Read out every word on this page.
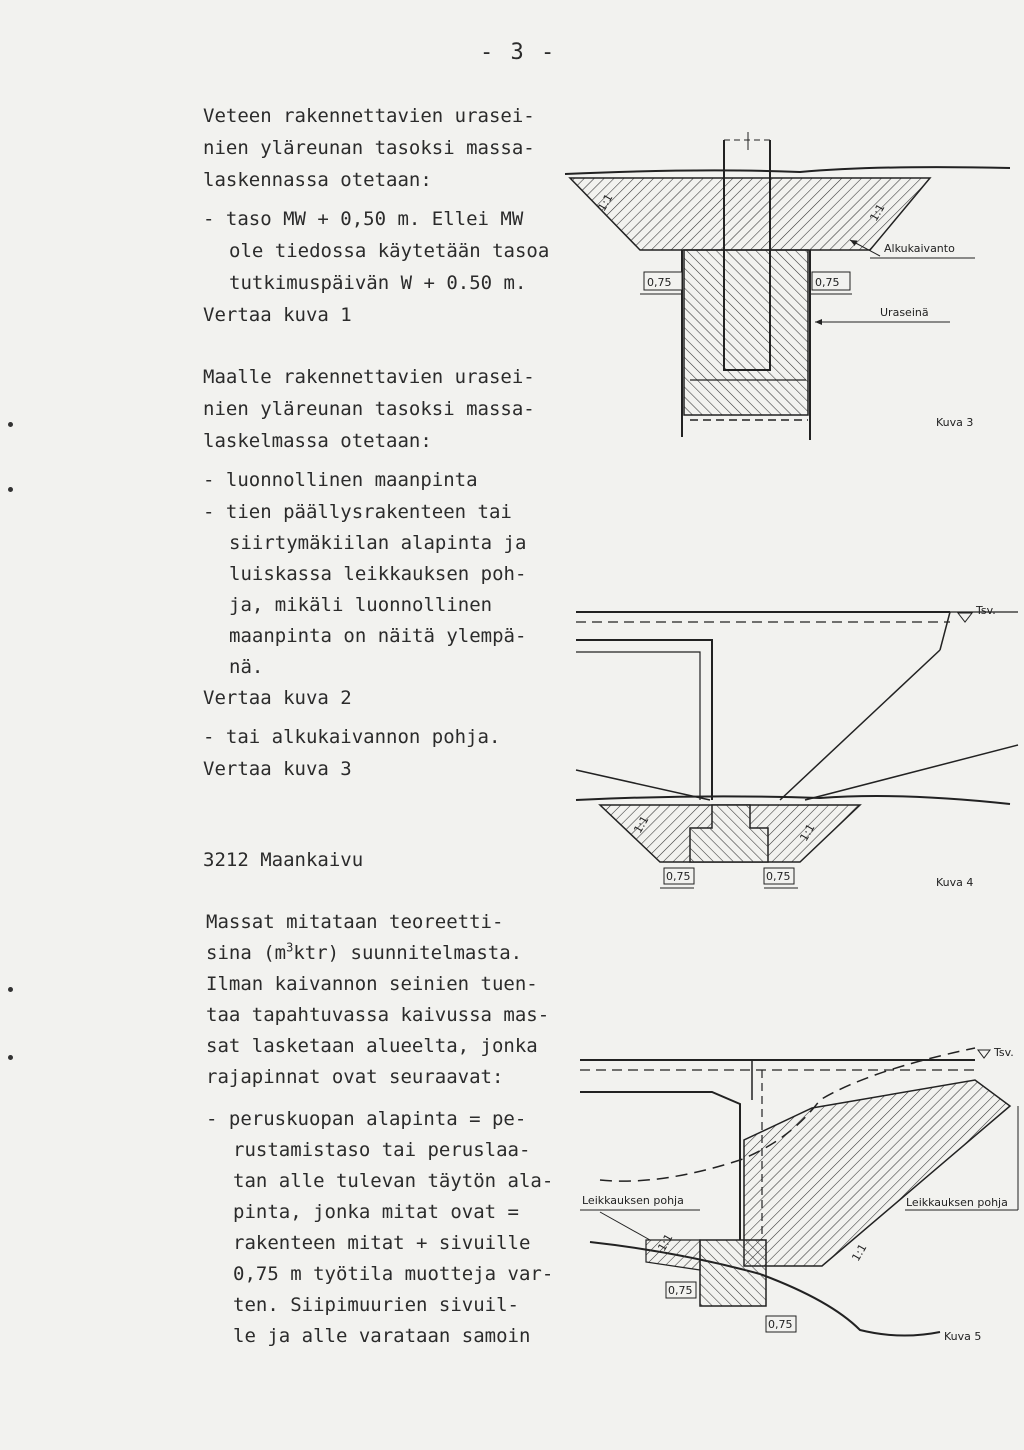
- 3 -
Veteen rakennettavien urasei-
nien yläreunan tasoksi massa-
laskennassa otetaan:
- taso MW + 0,50 m. Ellei MW
ole tiedossa käytetään tasoa
tutkimuspäivän W + 0.50 m.
Vertaa kuva 1
Maalle rakennettavien urasei-
nien yläreunan tasoksi massa-
laskelmassa otetaan:
- luonnollinen maanpinta
- tien päällysrakenteen tai
siirtymäkiilan alapinta ja
luiskassa leikkauksen poh-
ja, mikäli luonnollinen
maanpinta on näitä ylempä-
nä.
Vertaa kuva 2
- tai alkukaivannon pohja.
Vertaa kuva 3
3212 Maankaivu
Massat mitataan teoreetti-
sina $(m^3ktr)$ suunnitelmasta.
Ilman kaivannon seinien tuen-
taa tapahtuvassa kaivussa mas-
sat lasketaan alueelta, jonka
rajapinnat ovat seuraavat:
- peruskuopan alapinta = pe-
rustamistaso tai peruslaa-
tan alle tulevan täytön ala-
pinta, jonka mitat ovat =
rakenteen mitat + sivuille
0,75 m työtila muotteja var-
ten. Siipimuurien sivuil-
le ja alle varataan samoin
0,75	0,75
1:1	1:1
Alkukaivanto
Uraseinä
Kuva 3
Tsv.
0,75	0,75
1:1	1:1
Kuva 4
Tsv.
Leikkauksen pohja	Leikkauksen pohja
0,75
0,75
1:1	1:1
Kuva 5
